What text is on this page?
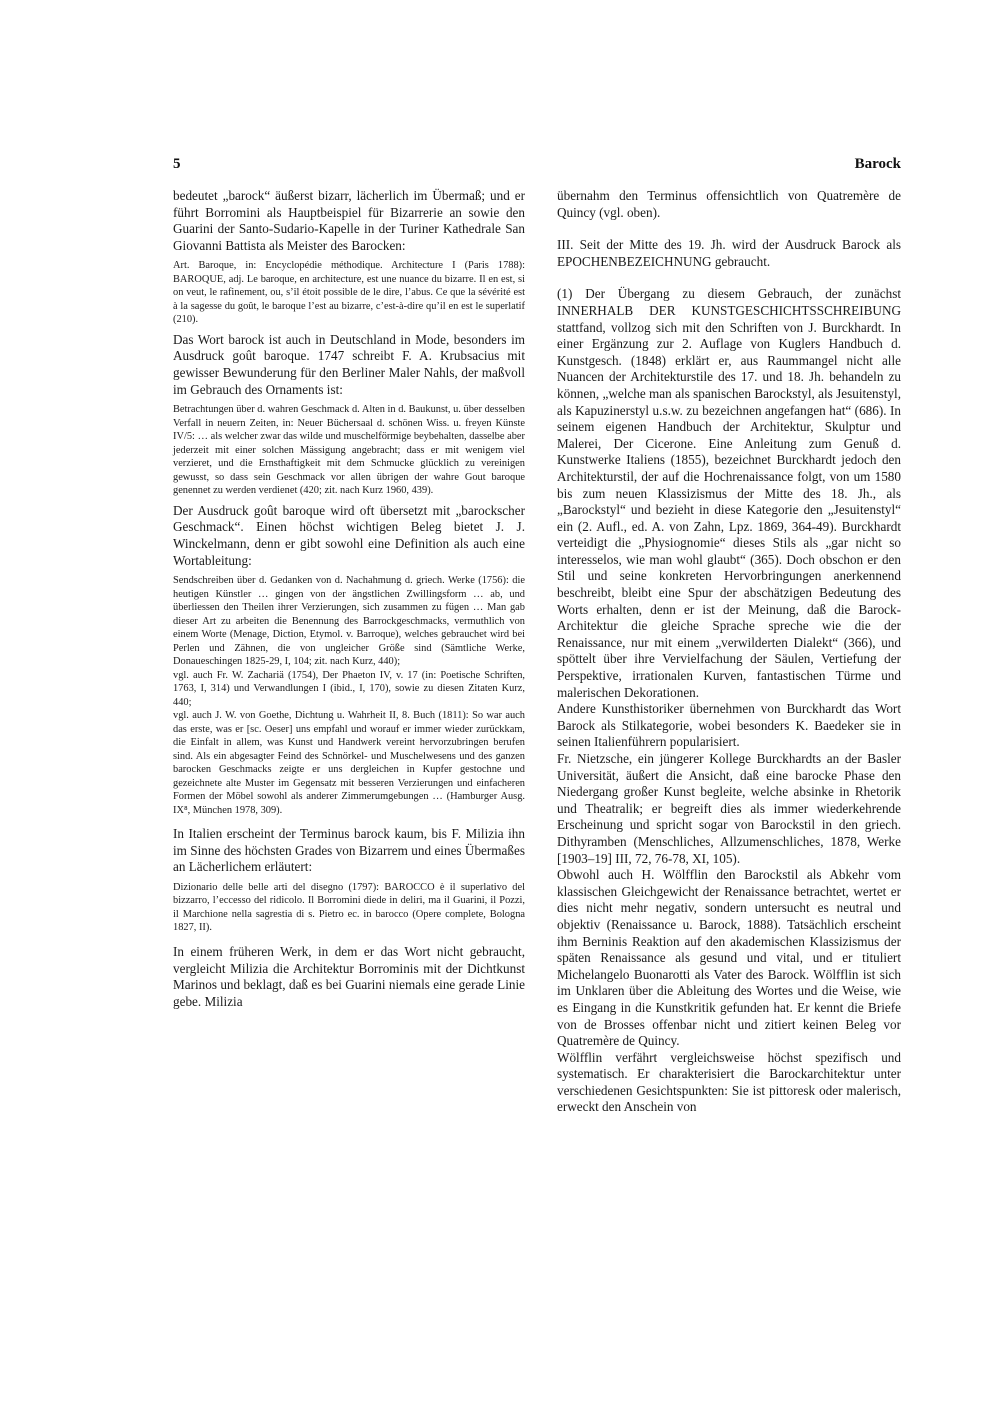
5	Barock

bedeutet „barock“ äußerst bizarr, lächerlich im Übermaß; und er führt Borromini als Hauptbeispiel für Bizarrerie an sowie den Guarini der Santo-Sudario-Kapelle in der Turiner Kathedrale San Giovanni Battista als Meister des Barocken:

Art. Baroque, in: Encyclopédie méthodique. Architecture I (Paris 1788): BAROQUE, adj. Le baroque, en architecture, est une nuance du bizarre. Il en est, si on veut, le rafinement, ou, s’il étoit possible de le dire, l’abus. Ce que la sévérité est à la sagesse du goût, le baroque l’est au bizarre, c’est-à-dire qu’il en est le superlatif (210).

Das Wort barock ist auch in Deutschland in Mode, besonders im Ausdruck goût baroque. 1747 schreibt F. A. Krubsacius mit gewisser Bewunderung für den Berliner Maler Nahls, der maßvoll im Gebrauch des Ornaments ist:

Betrachtungen über d. wahren Geschmack d. Alten in d. Baukunst, u. über desselben Verfall in neuern Zeiten, in: Neuer Büchersaal d. schönen Wiss. u. freyen Künste IV/5: … als welcher zwar das wilde und muschelförmige beybehalten, dasselbe aber jederzeit mit einer solchen Mässigung angebracht; dass er mit wenigem viel verzieret, und die Ernsthaftigkeit mit dem Schmucke glücklich zu vereinigen gewusst, so dass sein Geschmack vor allen übrigen der wahre Gout baroque genennet zu werden verdienet (420; zit. nach Kurz 1960, 439).

Der Ausdruck goût baroque wird oft übersetzt mit „barockscher Geschmack“. Einen höchst wichtigen Beleg bietet J. J. Winckelmann, denn er gibt sowohl eine Definition als auch eine Wortableitung:

Sendschreiben über d. Gedanken von d. Nachahmung d. griech. Werke (1756): die heutigen Künstler … gingen von der ängstlichen Zwillingsform … ab, und überliessen den Theilen ihrer Verzierungen, sich zusammen zu fügen … Man gab dieser Art zu arbeiten die Benennung des Barrockgeschmacks, vermuthlich von einem Worte (Menage, Diction, Etymol. v. Barroque), welches gebrauchet wird bei Perlen und Zähnen, die von ungleicher Größe sind (Sämtliche Werke, Donaueschingen 1825-29, I, 104; zit. nach Kurz, 440);

vgl. auch Fr. W. Zachariä (1754), Der Phaeton IV, v. 17 (in: Poetische Schriften, 1763, I, 314) und Verwandlungen I (ibid., I, 170), sowie zu diesen Zitaten Kurz, 440;

vgl. auch J. W. von Goethe, Dichtung u. Wahrheit II, 8. Buch (1811): So war auch das erste, was er [sc. Oeser] uns empfahl und worauf er immer wieder zurückkam, die Einfalt in allem, was Kunst und Handwerk vereint hervorzubringen berufen sind. Als ein abgesagter Feind des Schnörkel- und Muschelwesens und des ganzen barocken Geschmacks zeigte er uns dergleichen in Kupfer gestochne und gezeichnete alte Muster im Gegensatz mit besseren Verzierungen und einfacheren Formen der Möbel sowohl als anderer Zimmerumgebungen … (Hamburger Ausg. IX⁸, München 1978, 309).

In Italien erscheint der Terminus barock kaum, bis F. Milizia ihn im Sinne des höchsten Grades von Bizarrem und eines Übermaßes an Lächerlichem erläutert:

Dizionario delle belle arti del disegno (1797): BAROCCO è il superlativo del bizzarro, l’eccesso del ridicolo. Il Borromini diede in deliri, ma il Guarini, il Pozzi, il Marchione nella sagrestia di s. Pietro ec. in barocco (Opere complete, Bologna 1827, II).

In einem früheren Werk, in dem er das Wort nicht gebraucht, vergleicht Milizia die Architektur Borrominis mit der Dichtkunst Marinos und beklagt, daß es bei Guarini niemals eine gerade Linie gebe. Milizia

übernahm den Terminus offensichtlich von Quatremère de Quincy (vgl. oben).

III. Seit der Mitte des 19. Jh. wird der Ausdruck Barock als EPOCHENBEZEICHNUNG gebraucht.

(1) Der Übergang zu diesem Gebrauch, der zunächst INNERHALB DER KUNSTGESCHICHTSSCHREIBUNG stattfand, vollzog sich mit den Schriften von J. Burckhardt. In einer Ergänzung zur 2. Auflage von Kuglers Handbuch d. Kunstgesch. (1848) erklärt er, aus Raummangel nicht alle Nuancen der Architekturstile des 17. und 18. Jh. behandeln zu können, „welche man als spanischen Barockstyl, als Jesuitenstyl, als Kapuzinerstyl u.s.w. zu bezeichnen angefangen hat“ (686). In seinem eigenen Handbuch der Architektur, Skulptur und Malerei, Der Cicerone. Eine Anleitung zum Genuß d. Kunstwerke Italiens (1855), bezeichnet Burckhardt jedoch den Architekturstil, der auf die Hochrenaissance folgt, von um 1580 bis zum neuen Klassizismus der Mitte des 18. Jh., als „Barockstyl“ und bezieht in diese Kategorie den „Jesuitenstyl“ ein (2. Aufl., ed. A. von Zahn, Lpz. 1869, 364-49). Burckhardt verteidigt die „Physiognomie“ dieses Stils als „gar nicht so interesselos, wie man wohl glaubt“ (365). Doch obschon er den Stil und seine konkreten Hervorbringungen anerkennend beschreibt, bleibt eine Spur der abschätzigen Bedeutung des Worts erhalten, denn er ist der Meinung, daß die Barock-Architektur die gleiche Sprache spreche wie die der Renaissance, nur mit einem „verwilderten Dialekt“ (366), und spöttelt über ihre Vervielfachung der Säulen, Vertiefung der Perspektive, irrationalen Kurven, fantastischen Türme und malerischen Dekorationen.

Andere Kunsthistoriker übernehmen von Burckhardt das Wort Barock als Stilkategorie, wobei besonders K. Baedeker sie in seinen Italienführern popularisiert.

Fr. Nietzsche, ein jüngerer Kollege Burckhardts an der Basler Universität, äußert die Ansicht, daß eine barocke Phase den Niedergang großer Kunst begleite, welche absinke in Rhetorik und Theatralik; er begreift dies als immer wiederkehrende Erscheinung und spricht sogar von Barockstil in den griech. Dithyramben (Menschliches, Allzumenschliches, 1878, Werke [1903–19] III, 72, 76-78, XI, 105).

Obwohl auch H. Wölfflin den Barockstil als Abkehr vom klassischen Gleichgewicht der Renaissance betrachtet, wertet er dies nicht mehr negativ, sondern untersucht es neutral und objektiv (Renaissance u. Barock, 1888). Tatsächlich erscheint ihm Berninis Reaktion auf den akademischen Klassizismus der späten Renaissance als gesund und vital, und er tituliert Michelangelo Buonarotti als Vater des Barock. Wölfflin ist sich im Unklaren über die Ableitung des Wortes und die Weise, wie es Eingang in die Kunstkritik gefunden hat. Er kennt die Briefe von de Brosses offenbar nicht und zitiert keinen Beleg vor Quatremère de Quincy.

Wölfflin verfährt vergleichsweise höchst spezifisch und systematisch. Er charakterisiert die Barockarchitektur unter verschiedenen Gesichtspunkten: Sie ist pittoresk oder malerisch, erweckt den Anschein von
